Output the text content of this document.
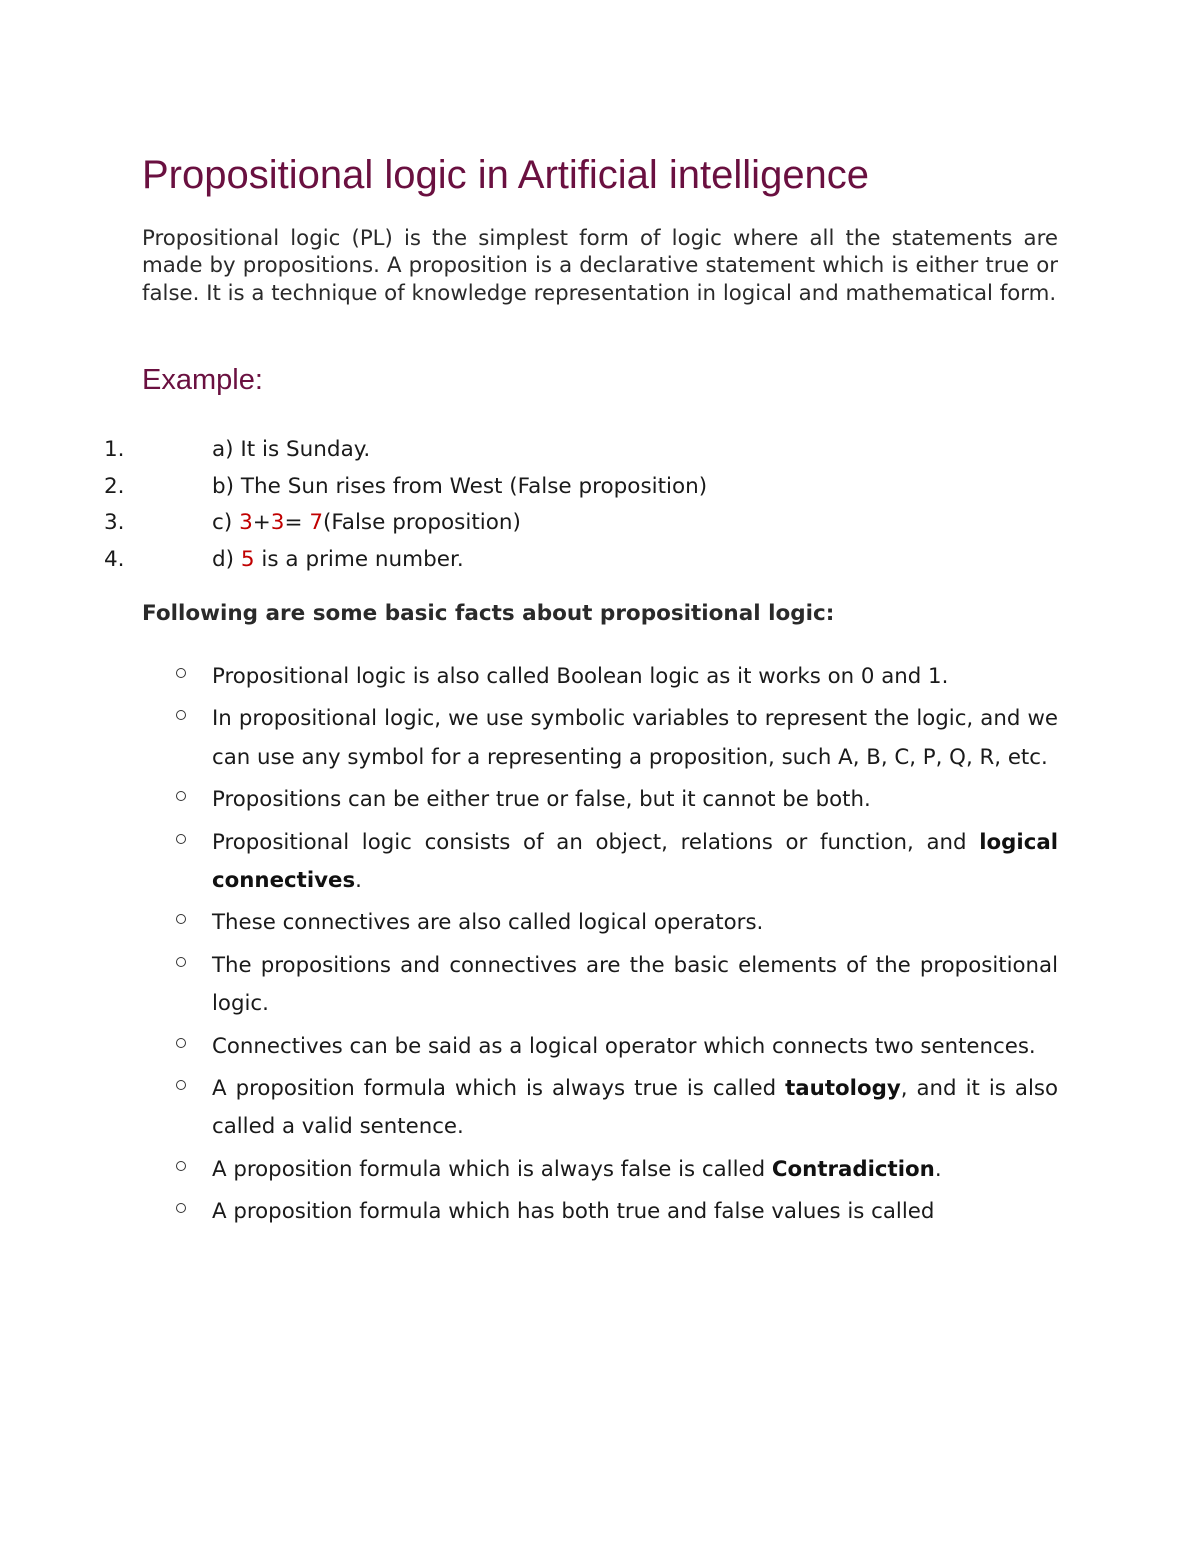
Propositional logic in Artificial intelligence

Propositional logic (PL) is the simplest form of logic where all the statements are made by propositions. A proposition is a declarative statement which is either true or false. It is a technique of knowledge representation in logical and mathematical form.

Example:
1.	a) It is Sunday.
2.	b) The Sun rises from West (False proposition)
3.	c) 3+3= 7(False proposition)
4.	d) 5 is a prime number.
Following are some basic facts about propositional logic:
Propositional logic is also called Boolean logic as it works on 0 and 1.
In propositional logic, we use symbolic variables to represent the logic, and we can use any symbol for a representing a proposition, such A, B, C, P, Q, R, etc.
Propositions can be either true or false, but it cannot be both.
Propositional logic consists of an object, relations or function, and logical connectives.
These connectives are also called logical operators.
The propositions and connectives are the basic elements of the propositional logic.
Connectives can be said as a logical operator which connects two sentences.
A proposition formula which is always true is called tautology, and it is also called a valid sentence.
A proposition formula which is always false is called Contradiction.
A proposition formula which has both true and false values is called
